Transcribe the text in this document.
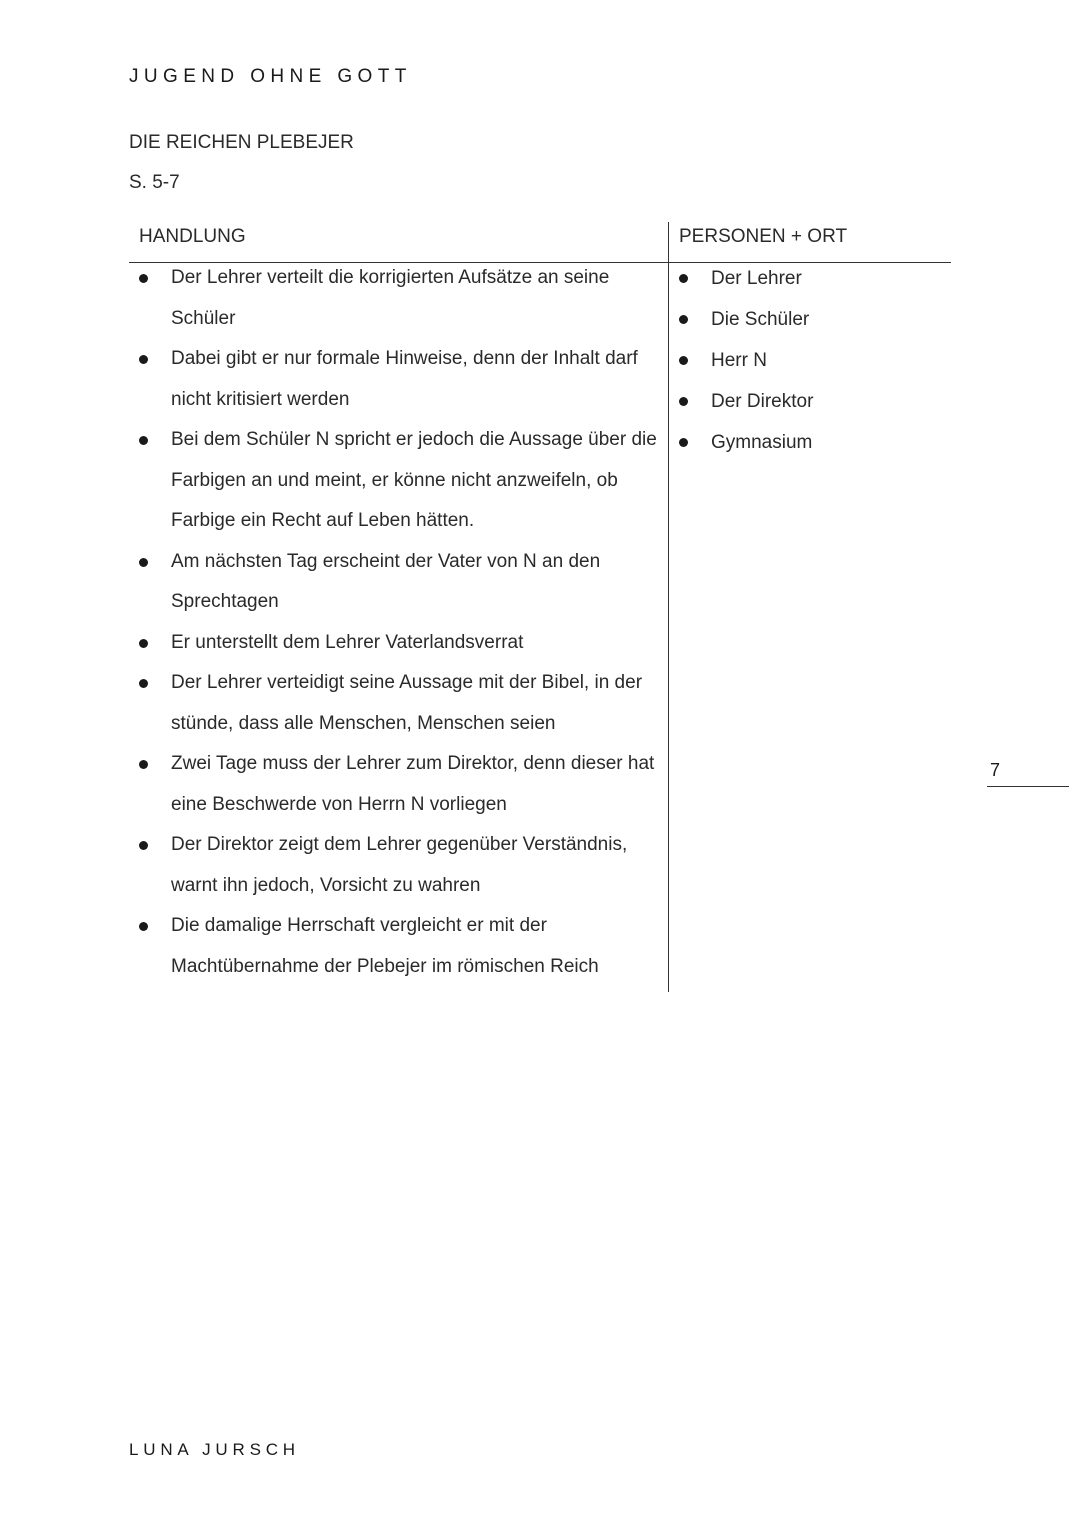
JUGEND OHNE GOTT
DIE REICHEN PLEBEJER
S. 5-7
HANDLUNG	PERSONEN + ORT
Der Lehrer verteilt die korrigierten Aufsätze an seine Schüler
Dabei gibt er nur formale Hinweise, denn der Inhalt darf nicht kritisiert werden
Bei dem Schüler N spricht er jedoch die Aussage über die Farbigen an und meint, er könne nicht anzweifeln, ob Farbige ein Recht auf Leben hätten.
Am nächsten Tag erscheint der Vater von N an den Sprechtagen
Er unterstellt dem Lehrer Vaterlandsverrat
Der Lehrer verteidigt seine Aussage mit der Bibel, in der stünde, dass alle Menschen, Menschen seien
Zwei Tage muss der Lehrer zum Direktor, denn dieser hat eine Beschwerde von Herrn N vorliegen
Der Direktor zeigt dem Lehrer gegenüber Verständnis, warnt ihn jedoch, Vorsicht zu wahren
Die damalige Herrschaft vergleicht er mit der Machtübernahme der Plebejer im römischen Reich
Der Lehrer
Die Schüler
Herr N
Der Direktor
Gymnasium
7
LUNA JURSCH
